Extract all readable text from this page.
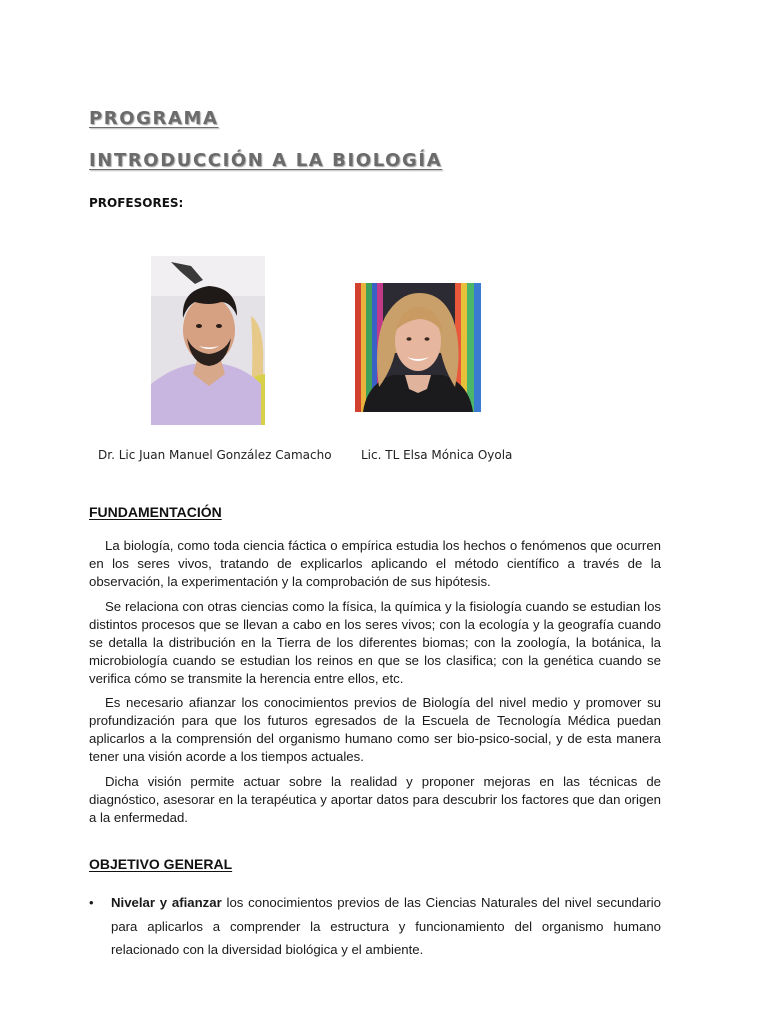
PROGRAMA
INTRODUCCIÓN A LA BIOLOGÍA
PROFESORES:
Dr. Lic Juan Manuel González Camacho Lic. TL Elsa Mónica Oyola
FUNDAMENTACIÓN

La biología, como toda ciencia fáctica o empírica estudia los hechos o fenómenos que ocurren en los seres vivos, tratando de explicarlos aplicando el método científico a través de la observación, la experimentación y la comprobación de sus hipótesis.

Se relaciona con otras ciencias como la física, la química y la fisiología cuando se estudian los distintos procesos que se llevan a cabo en los seres vivos; con la ecología y la geografía cuando se detalla la distribución en la Tierra de los diferentes biomas; con la zoología, la botánica, la microbiología cuando se estudian los reinos en que se los clasifica; con la genética cuando se verifica cómo se transmite la herencia entre ellos, etc.

Es necesario afianzar los conocimientos previos de Biología del nivel medio y promover su profundización para que los futuros egresados de la Escuela de Tecnología Médica puedan aplicarlos a la comprensión del organismo humano como ser bio-psico-social, y de esta manera tener una visión acorde a los tiempos actuales.

Dicha visión permite actuar sobre la realidad y proponer mejoras en las técnicas de diagnóstico, asesorar en la terapéutica y aportar datos para descubrir los factores que dan origen a la enfermedad.

OBJETIVO GENERAL
• Nivelar y afianzar los conocimientos previos de las Ciencias Naturales del nivel secundario para aplicarlos a comprender la estructura y funcionamiento del organismo humano relacionado con la diversidad biológica y el ambiente.
